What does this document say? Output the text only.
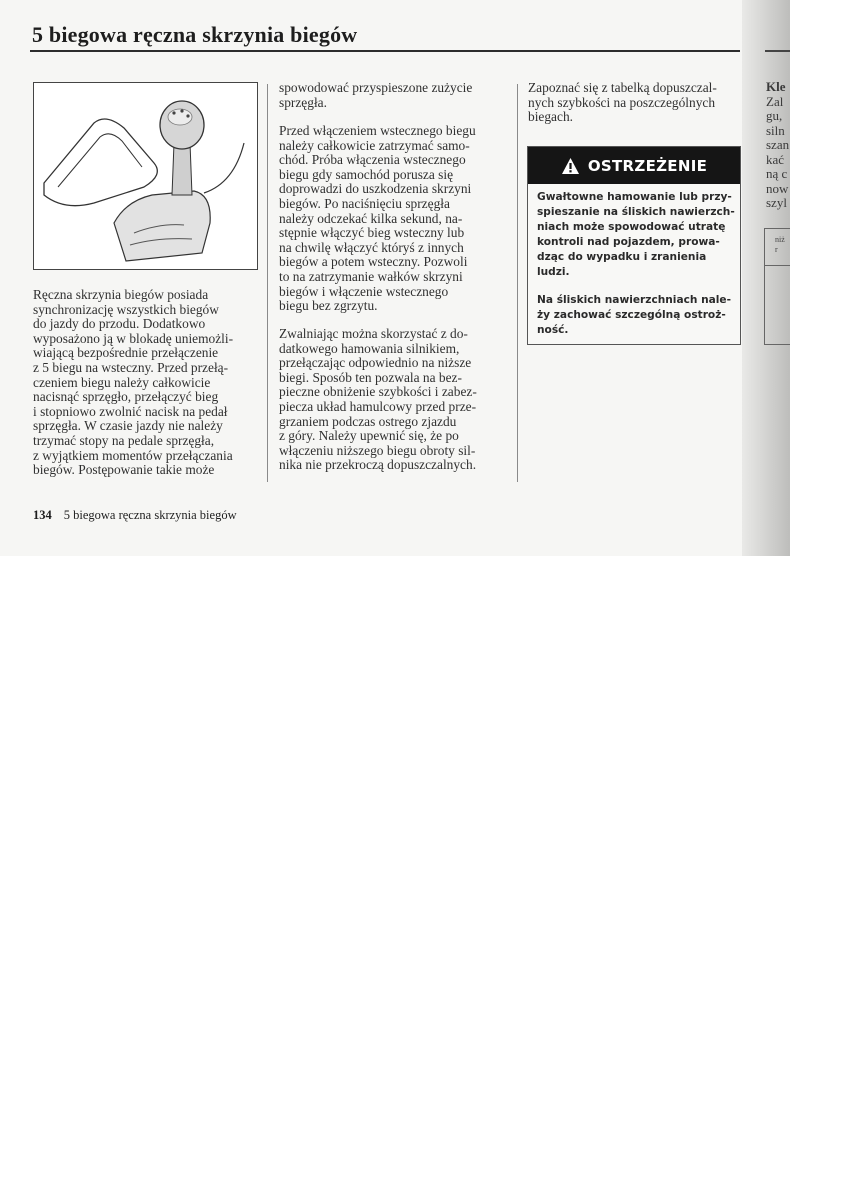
5 biegowa ręczna skrzynia biegów

Ręczna skrzynia biegów posiada
synchronizację wszystkich biegów
do jazdy do przodu. Dodatkowo
wyposażono ją w blokadę uniemożli-
wiającą bezpośrednie przełączenie
z 5 biegu na wsteczny. Przed przełą-
czeniem biegu należy całkowicie
nacisnąć sprzęgło, przełączyć bieg
i stopniowo zwolnić nacisk na pedał
sprzęgła. W czasie jazdy nie należy
trzymać stopy na pedale sprzęgła,
z wyjątkiem momentów przełączania
biegów. Postępowanie takie może

spowodować przyspieszone zużycie
sprzęgła.

Przed włączeniem wstecznego biegu
należy całkowicie zatrzymać samo-
chód. Próba włączenia wstecznego
biegu gdy samochód porusza się
doprowadzi do uszkodzenia skrzyni
biegów. Po naciśnięciu sprzęgła
należy odczekać kilka sekund, na-
stępnie włączyć bieg wsteczny lub
na chwilę włączyć któryś z innych
biegów a potem wsteczny. Pozwoli
to na zatrzymanie wałków skrzyni
biegów i włączenie wstecznego
biegu bez zgrzytu.

Zwalniając można skorzystać z do-
datkowego hamowania silnikiem,
przełączając odpowiednio na niższe
biegi. Sposób ten pozwala na bez-
pieczne obniżenie szybkości i zabez-
piecza układ hamulcowy przed prze-
grzaniem podczas ostrego zjazdu
z góry. Należy upewnić się, że po
włączeniu niższego biegu obroty sil-
nika nie przekroczą dopuszczalnych.

Zapoznać się z tabelką dopuszczal-
nych szybkości na poszczególnych
biegach.

OSTRZEŻENIE

Gwałtowne hamowanie lub przy-
spieszanie na śliskich nawierzch-
niach może spowodować utratę
kontroli nad pojazdem, prowa-
dząc do wypadku i zranienia
ludzi.

Na śliskich nawierzchniach nale-
ży zachować szczególną ostroż-
ność.

134 5 biegowa ręczna skrzynia biegów

Kle
Zal
gu,
siln
szan
kać
ną c
now
szyl

niż
r
